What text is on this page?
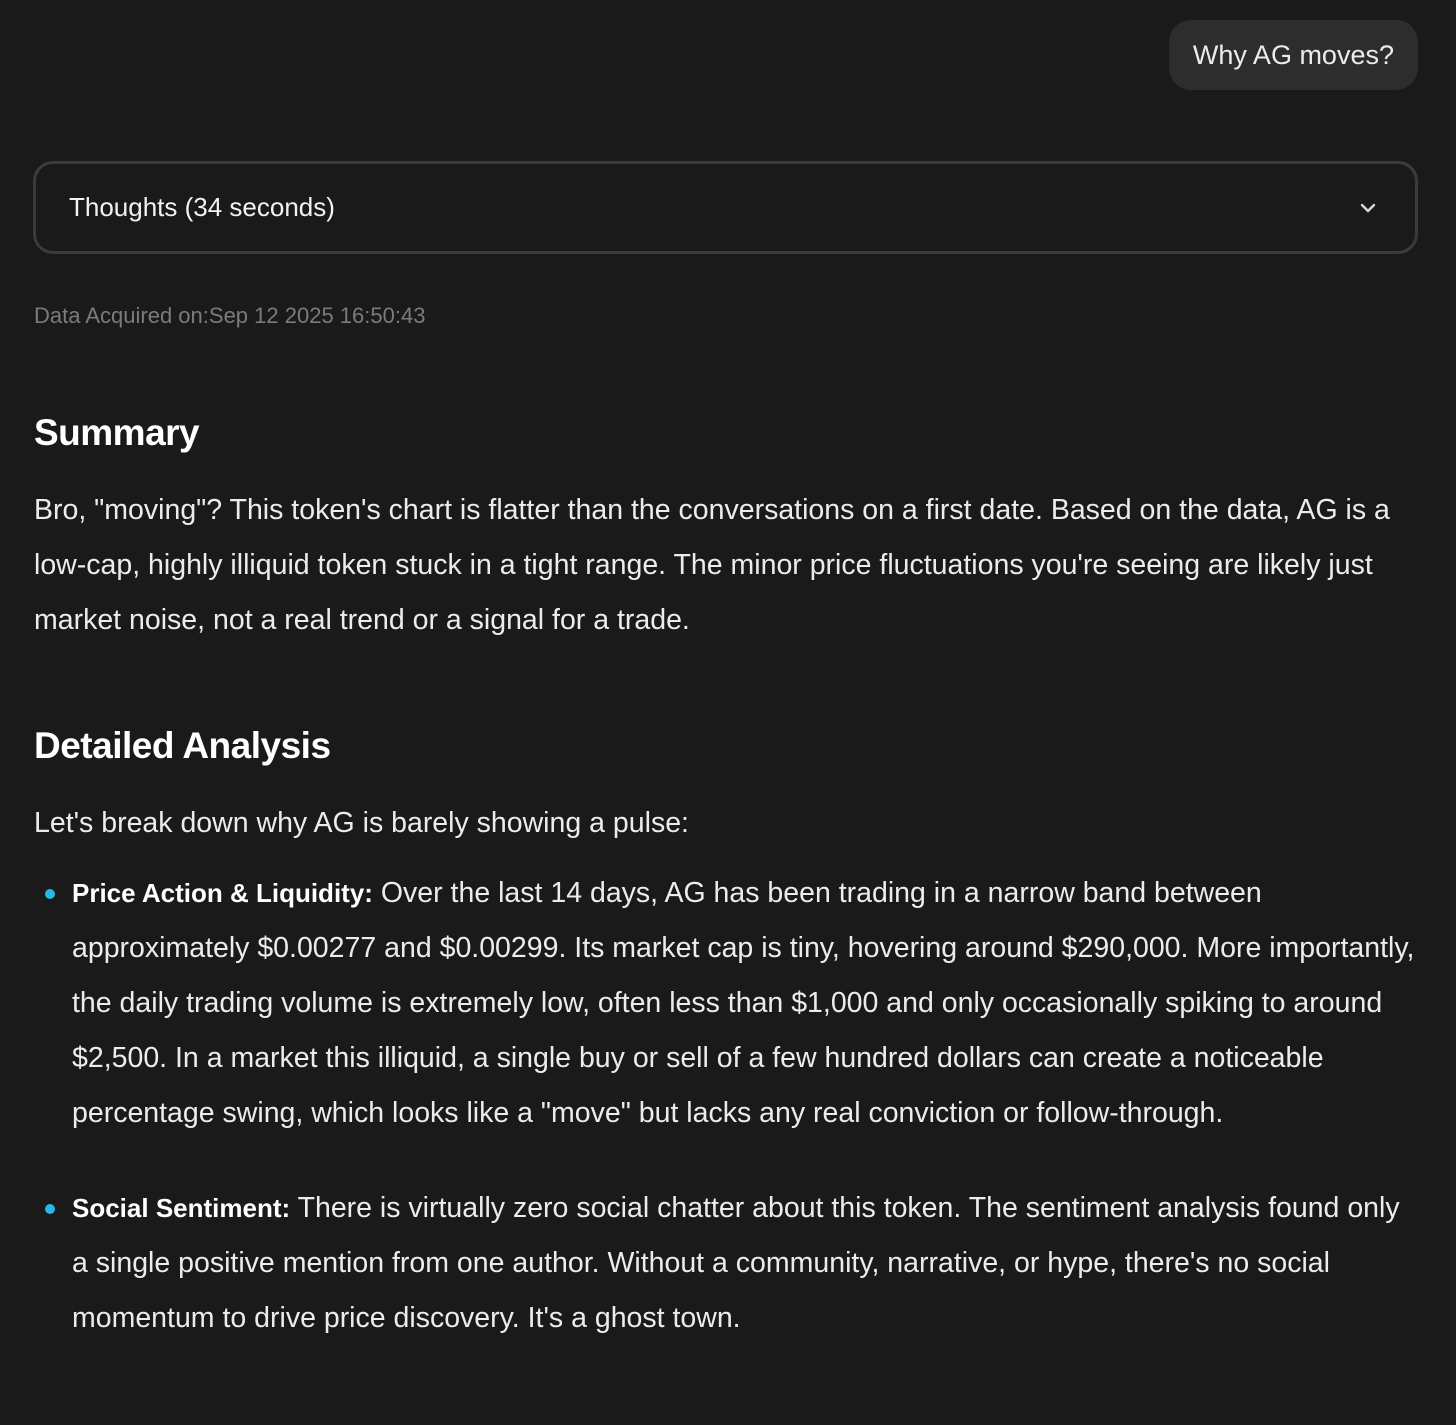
Why AG moves?
Thoughts (34 seconds)
Data Acquired on:Sep 12 2025 16:50:43
Summary

Bro, "moving"? This token's chart is flatter than the conversations on a first date. Based on the data, AG is a low-cap, highly illiquid token stuck in a tight range. The minor price fluctuations you're seeing are likely just market noise, not a real trend or a signal for a trade.

Detailed Analysis

Let's break down why AG is barely showing a pulse:

Price Action & Liquidity: Over the last 14 days, AG has been trading in a narrow band between approximately $0.00277 and $0.00299. Its market cap is tiny, hovering around $290,000. More importantly, the daily trading volume is extremely low, often less than $1,000 and only occasionally spiking to around $2,500. In a market this illiquid, a single buy or sell of a few hundred dollars can create a noticeable percentage swing, which looks like a "move" but lacks any real conviction or follow-through.
Social Sentiment: There is virtually zero social chatter about this token. The sentiment analysis found only a single positive mention from one author. Without a community, narrative, or hype, there's no social momentum to drive price discovery. It's a ghost town.
